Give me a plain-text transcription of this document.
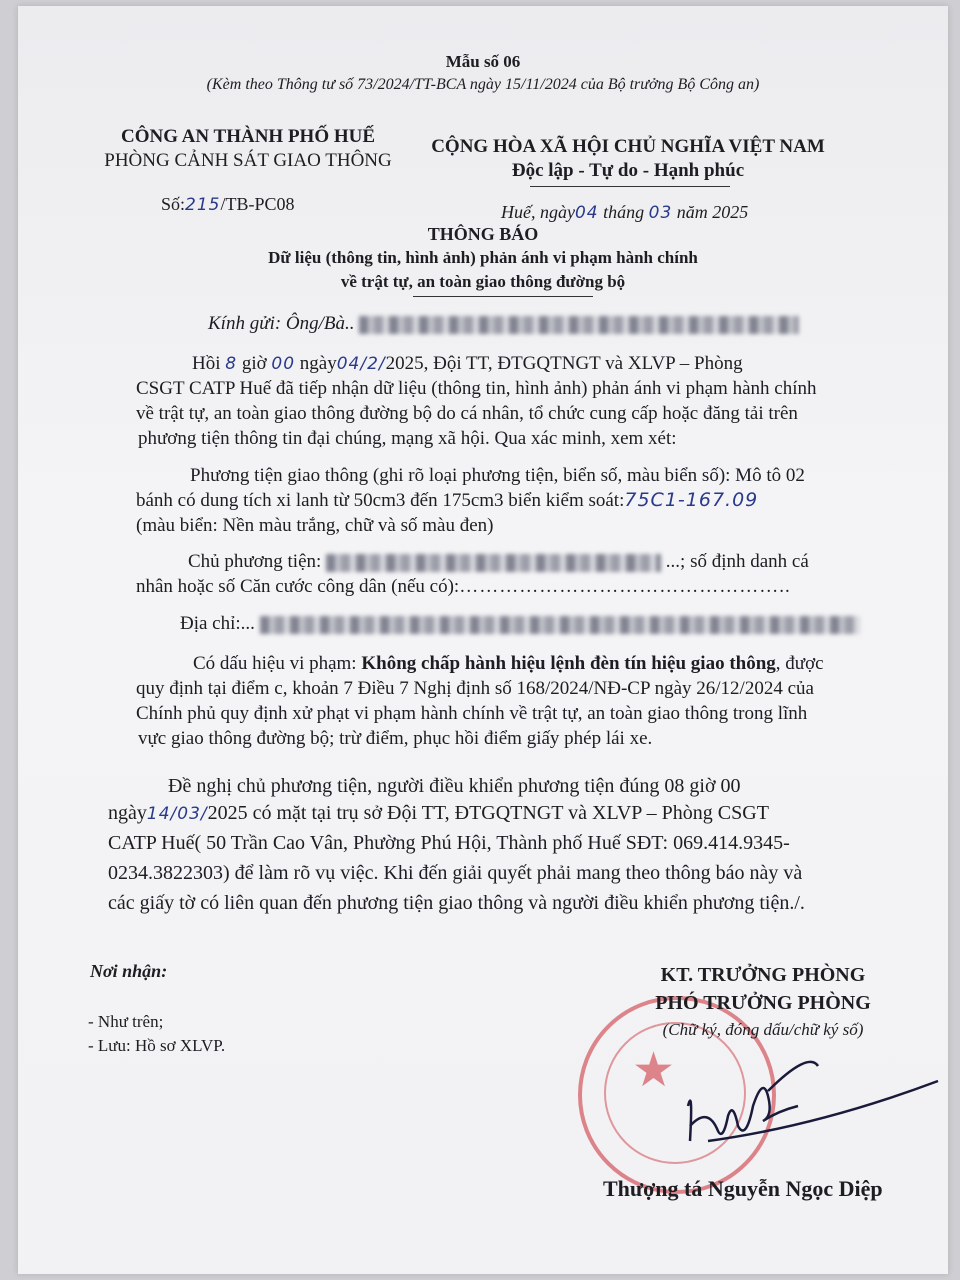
Mẫu số 06
(Kèm theo Thông tư số 73/2024/TT-BCA ngày 15/11/2024 của Bộ trưởng Bộ Công an)
CÔNG AN THÀNH PHỐ HUẾ
PHÒNG CẢNH SÁT GIAO THÔNG
Số:215/TB-PC08
CỘNG HÒA XÃ HỘI CHỦ NGHĨA VIỆT NAM
Độc lập - Tự do - Hạnh phúc
Huế, ngày04 tháng 03 năm 2025
THÔNG BÁO
Dữ liệu (thông tin, hình ảnh) phản ánh vi phạm hành chính
về trật tự, an toàn giao thông đường bộ
Kính gửi: Ông/Bà..
Hồi 8 giờ 00 ngày04/2/2025, Đội TT, ĐTGQTNGT và XLVP – Phòng
CSGT CATP Huế đã tiếp nhận dữ liệu (thông tin, hình ảnh) phản ánh vi phạm hành chính
về trật tự, an toàn giao thông đường bộ do cá nhân, tổ chức cung cấp hoặc đăng tải trên
phương tiện thông tin đại chúng, mạng xã hội. Qua xác minh, xem xét:
Phương tiện giao thông (ghi rõ loại phương tiện, biển số, màu biển số): Mô tô 02
bánh có dung tích xi lanh từ 50cm3 đến 175cm3 biển kiểm soát:75C1-167.09
(màu biển: Nền màu trắng, chữ và số màu đen)
Chủ phương tiện:	...; số định danh cá
nhân hoặc số Căn cước công dân (nếu có):…………………………………………..
Địa chỉ:...
Có dấu hiệu vi phạm: Không chấp hành hiệu lệnh đèn tín hiệu giao thông, được
quy định tại điểm c, khoản 7 Điều 7 Nghị định số 168/2024/NĐ-CP ngày 26/12/2024 của
Chính phủ quy định xử phạt vi phạm hành chính về trật tự, an toàn giao thông trong lĩnh
vực giao thông đường bộ; trừ điểm, phục hồi điểm giấy phép lái xe.
Đề nghị chủ phương tiện, người điều khiển phương tiện đúng 08 giờ 00
ngày14/03/2025 có mặt tại trụ sở Đội TT, ĐTGQTNGT và XLVP – Phòng CSGT
CATP Huế( 50 Trần Cao Vân, Phường Phú Hội, Thành phố Huế SĐT: 069.414.9345-
0234.3822303) để làm rõ vụ việc. Khi đến giải quyết phải mang theo thông báo này và
các giấy tờ có liên quan đến phương tiện giao thông và người điều khiển phương tiện./.
Nơi nhận:
- Như trên;
- Lưu: Hồ sơ XLVP.	★
KT. TRƯỞNG PHÒNG
PHÓ TRƯỞNG PHÒNG
(Chữ ký, đóng dấu/chữ ký số)
Thượng tá Nguyễn Ngọc Diệp
